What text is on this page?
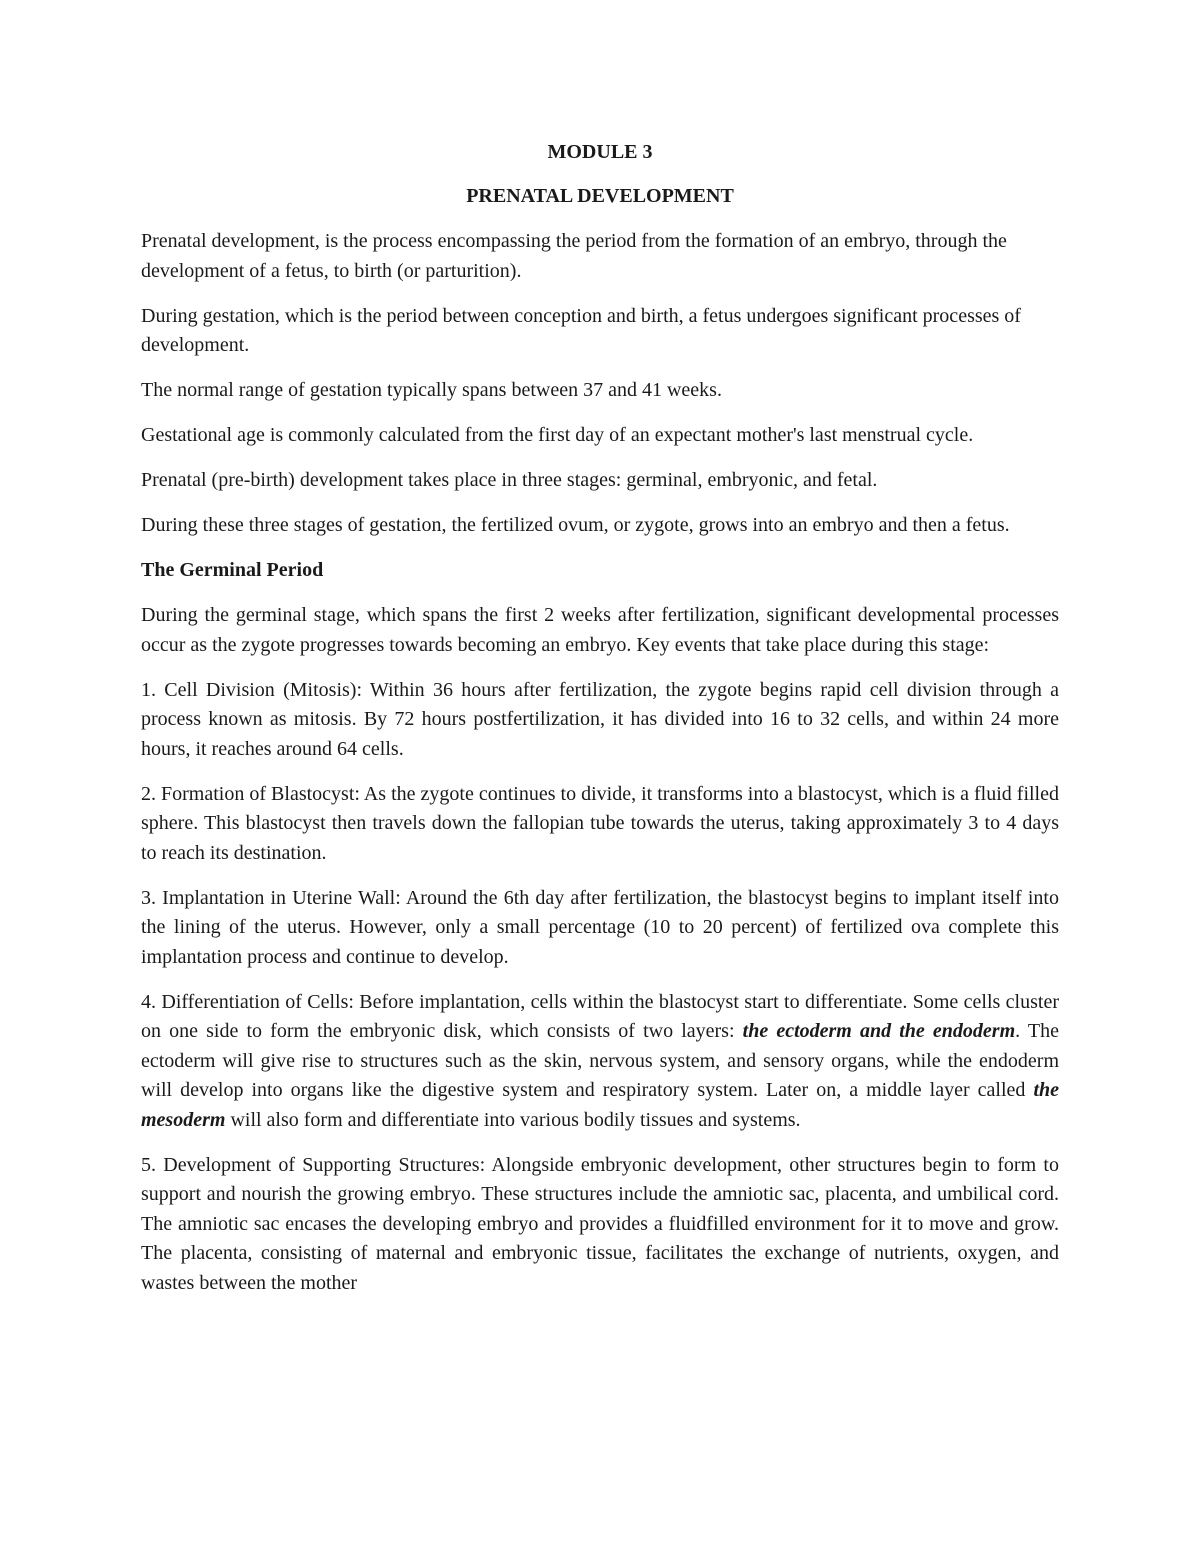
MODULE 3

PRENATAL DEVELOPMENT

Prenatal development, is the process encompassing the period from the formation of an embryo, through the development of a fetus, to birth (or parturition).

During gestation, which is the period between conception and birth, a fetus undergoes significant processes of development.

The normal range of gestation typically spans between 37 and 41 weeks.

Gestational age is commonly calculated from the first day of an expectant mother's last menstrual cycle.

Prenatal (pre-birth) development takes place in three stages: germinal, embryonic, and fetal.

During these three stages of gestation, the fertilized ovum, or zygote, grows into an embryo and then a fetus.

The Germinal Period

During the germinal stage, which spans the first 2 weeks after fertilization, significant developmental processes occur as the zygote progresses towards becoming an embryo. Key events that take place during this stage:

1. Cell Division (Mitosis): Within 36 hours after fertilization, the zygote begins rapid cell division through a process known as mitosis. By 72 hours postfertilization, it has divided into 16 to 32 cells, and within 24 more hours, it reaches around 64 cells.

2. Formation of Blastocyst: As the zygote continues to divide, it transforms into a blastocyst, which is a fluid filled sphere. This blastocyst then travels down the fallopian tube towards the uterus, taking approximately 3 to 4 days to reach its destination.

3. Implantation in Uterine Wall: Around the 6th day after fertilization, the blastocyst begins to implant itself into the lining of the uterus. However, only a small percentage (10 to 20 percent) of fertilized ova complete this implantation process and continue to develop.

4. Differentiation of Cells: Before implantation, cells within the blastocyst start to differentiate. Some cells cluster on one side to form the embryonic disk, which consists of two layers: the ectoderm and the endoderm. The ectoderm will give rise to structures such as the skin, nervous system, and sensory organs, while the endoderm will develop into organs like the digestive system and respiratory system. Later on, a middle layer called the mesoderm will also form and differentiate into various bodily tissues and systems.

5. Development of Supporting Structures: Alongside embryonic development, other structures begin to form to support and nourish the growing embryo. These structures include the amniotic sac, placenta, and umbilical cord. The amniotic sac encases the developing embryo and provides a fluidfilled environment for it to move and grow. The placenta, consisting of maternal and embryonic tissue, facilitates the exchange of nutrients, oxygen, and wastes between the mother
